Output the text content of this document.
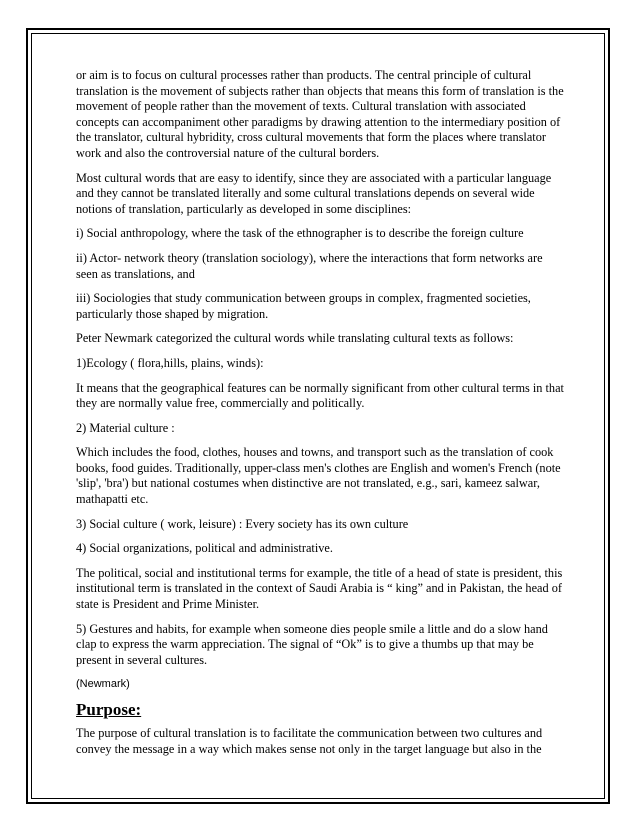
or aim is to focus on cultural processes rather than products. The central principle of cultural translation is the movement of subjects rather than objects that means this form of translation is the movement of people rather than the movement of texts. Cultural translation with associated concepts can accompaniment other paradigms by drawing attention to the intermediary position of the translator, cultural hybridity, cross cultural movements that form the places where translator work and also the controversial nature of the cultural borders.

Most cultural words that are easy to identify, since they are associated with a particular language and they cannot be translated literally and some cultural translations depends on several wide notions of translation, particularly as developed in some disciplines:

i) Social anthropology, where the task of the ethnographer is to describe the foreign culture

ii) Actor- network theory (translation sociology), where the interactions that form networks are seen as translations, and

iii) Sociologies that study communication between groups in complex, fragmented societies, particularly those shaped by migration.

Peter Newmark categorized the cultural words while translating cultural texts as follows:

1)Ecology ( flora,hills, plains, winds):

It means that the geographical features can be normally significant from other cultural terms in that they are normally value free, commercially and politically.

2) Material culture :

Which includes the food, clothes, houses and towns, and transport such as the translation of cook books, food guides. Traditionally, upper-class men's clothes are English and women's French (note 'slip', 'bra') but national costumes when distinctive are not translated, e.g., sari, kameez salwar, mathapatti etc.

3) Social culture ( work, leisure) : Every society has its own culture

4) Social organizations, political and administrative.

The political, social and institutional terms for example, the title of a head of state is president, this institutional term is translated in the context of Saudi Arabia is “ king” and in Pakistan, the head of state is President and Prime Minister.

5) Gestures and habits, for example when someone dies people smile a little and do a slow hand clap to express the warm appreciation. The signal of “Ok” is to give a thumbs up that may be present in several cultures.

(Newmark)
Purpose:

The purpose of cultural translation is to facilitate the communication between two cultures and convey the message in a way which makes sense not only in the target language but also in the
